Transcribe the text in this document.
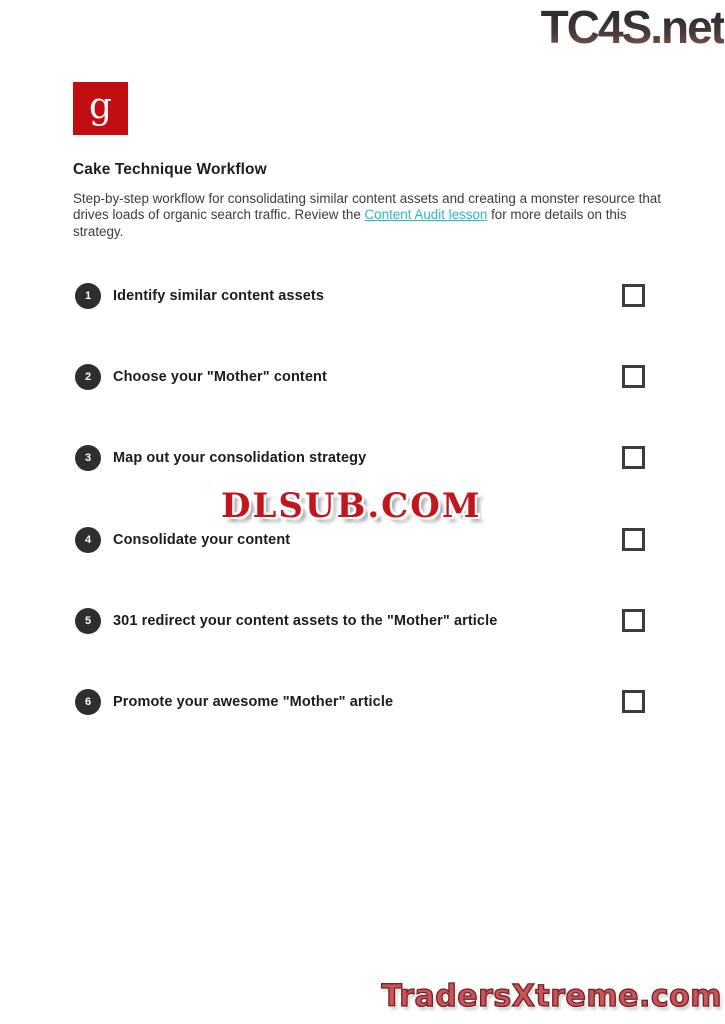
TC4S.net
g
Cake Technique Workflow

Step-by-step workflow for consolidating similar content assets and creating a monster resource that drives loads of organic search traffic. Review the Content Audit lesson for more details on this strategy.

1	Identify similar content assets
2	Choose your "Mother" content
3	Map out your consolidation strategy
4	Consolidate your content
5	301 redirect your content assets to the "Mother" article
6	Promote your awesome "Mother" article
DLSUB.COM
TradersXtreme.com
